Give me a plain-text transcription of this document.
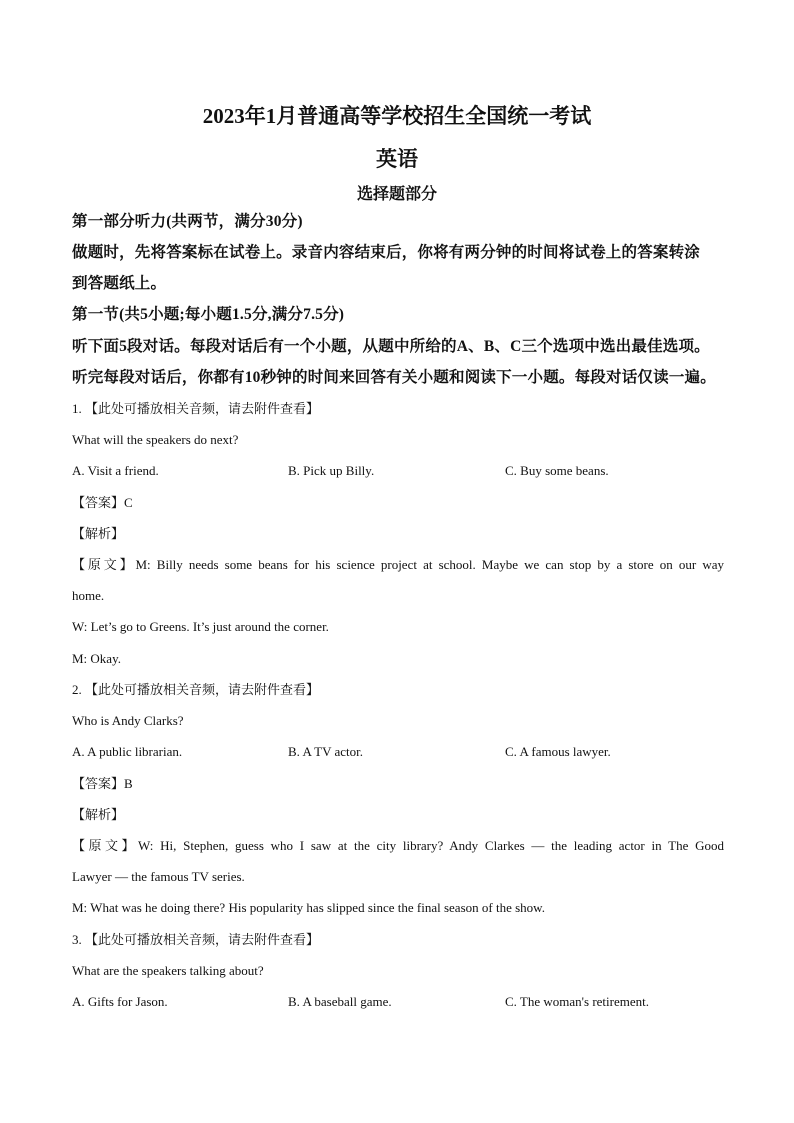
2023年1月普通高等学校招生全国统一考试
英语
选择题部分
第一部分听力(共两节，满分30分)
做题时，先将答案标在试卷上。录音内容结束后，你将有两分钟的时间将试卷上的答案转涂
到答题纸上。
第一节(共5小题;每小题1.5分,满分7.5分)
听下面5段对话。每段对话后有一个小题，从题中所给的A、B、C三个选项中选出最佳选项。
听完每段对话后，你都有10秒钟的时间来回答有关小题和阅读下一小题。每段对话仅读一遍。
1. 【此处可播放相关音频，请去附件查看】
What will the speakers do next?
A. Visit a friend.	B. Pick up Billy.	C. Buy some beans.
【答案】C
【解析】
【原文】M: Billy needs some beans for his science project at school. Maybe we can stop by a store on our way
home.
W: Let’s go to Greens. It’s just around the corner.
M: Okay.
2. 【此处可播放相关音频，请去附件查看】
Who is Andy Clarks?
A. A public librarian.	B. A TV actor.	C. A famous lawyer.
【答案】B
【解析】
【原文】W: Hi, Stephen, guess who I saw at the city library? Andy Clarkes — the leading actor in The Good
Lawyer — the famous TV series.
M: What was he doing there? His popularity has slipped since the final season of the show.
3. 【此处可播放相关音频，请去附件查看】
What are the speakers talking about?
A. Gifts for Jason.	B. A baseball game.	C. The woman's retirement.
